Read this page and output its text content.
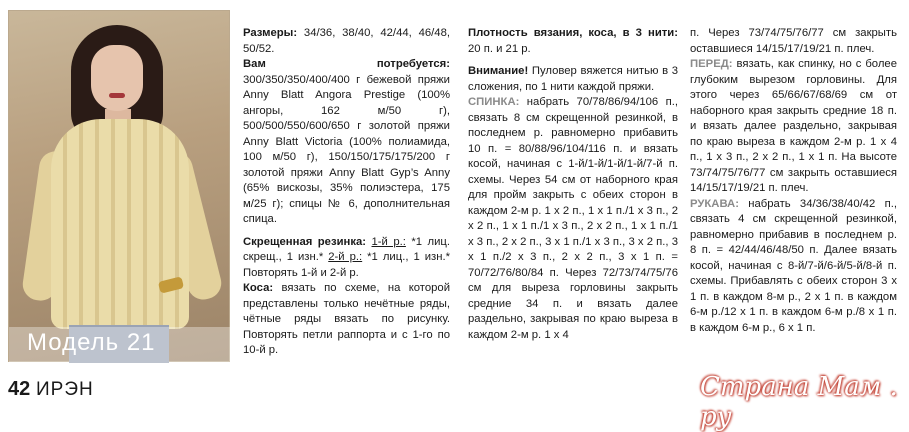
Модель 21

Размеры: 34/36, 38/40, 42/44, 46/48, 50/52.

Вам потребуется: 300/350/350/400/400 г бежевой пряжи Anny Blatt Angora Prestige (100% ангоры, 162 м/50 г), 500/500/550/600/650 г золотой пряжи Anny Blatt Victoria (100% полиамида, 100 м/50 г), 150/150/175/175/200 г золотой пряжи Anny Blatt Gyp’s Anny (65% вискозы, 35% полиэстера, 175 м/25 г); спицы № 6, дополнительная спица.

Скрещенная резинка: 1-й р.: *1 лиц. скрещ., 1 изн.* 2-й р.: *1 лиц., 1 изн.* Повторять 1-й и 2-й р.

Коса: вязать по схеме, на которой представлены только нечётные ряды, чётные ряды вязать по рисунку. Повторять петли раппорта и с 1-го по 10-й р.

Плотность вязания, коса, в 3 нити: 20 п. и 21 р.

Внимание! Пуловер вяжется нитью в 3 сложения, по 1 нити каждой пряжи.

СПИНКА: набрать 70/78/86/94/106 п., связать 8 см скрещенной резинкой, в последнем р. равномерно прибавить 10 п. = 80/88/96/104/116 п. и вязать косой, начиная с 1-й/1-й/1-й/1-й/7-й п. схемы. Через 54 см от наборного края для пройм закрыть с обеих сторон в каждом 2-м р. 1 х 2 п., 1 х 1 п./1 х 3 п., 2 х 2 п., 1 х 1 п./1 х 3 п., 2 х 2 п., 1 х 1 п./1 х 3 п., 2 х 2 п., 3 х 1 п./1 х 3 п., 3 х 2 п., 3 х 1 п./2 х 3 п., 2 х 2 п., 3 х 1 п. = 70/72/76/80/84 п. Через 72/73/74/75/76 см для выреза горловины закрыть средние 34 п. и вязать далее раздельно, закрывая по краю выреза в каждом 2-м р. 1 х 4

п. Через 73/74/75/76/77 см закрыть оставшиеся 14/15/17/19/21 п. плеч.

ПЕРЕД: вязать, как спинку, но с более глубоким вырезом горловины. Для этого через 65/66/67/68/69 см от наборного края закрыть средние 18 п. и вязать далее раздельно, закрывая по краю выреза в каждом 2-м р. 1 х 4 п., 1 х 3 п., 2 х 2 п., 1 х 1 п. На высоте 73/74/75/76/77 см закрыть оставшиеся 14/15/17/19/21 п. плеч.

РУКАВА: набрать 34/36/38/40/42 п., связать 4 см скрещенной резинкой, равномерно прибавив в последнем р. 8 п. = 42/44/46/48/50 п. Далее вязать косой, начиная с 8-й/7-й/6-й/5-й/8-й п. схемы. Прибавлять с обеих сторон 3 х 1 п. в каждом 8-м р., 2 х 1 п. в каждом 6-м р./12 х 1 п. в каждом 6-м р./8 х 1 п. в каждом 6-м р., 6 х 1 п.

42 ИРЭН	Страна Мам . ру
